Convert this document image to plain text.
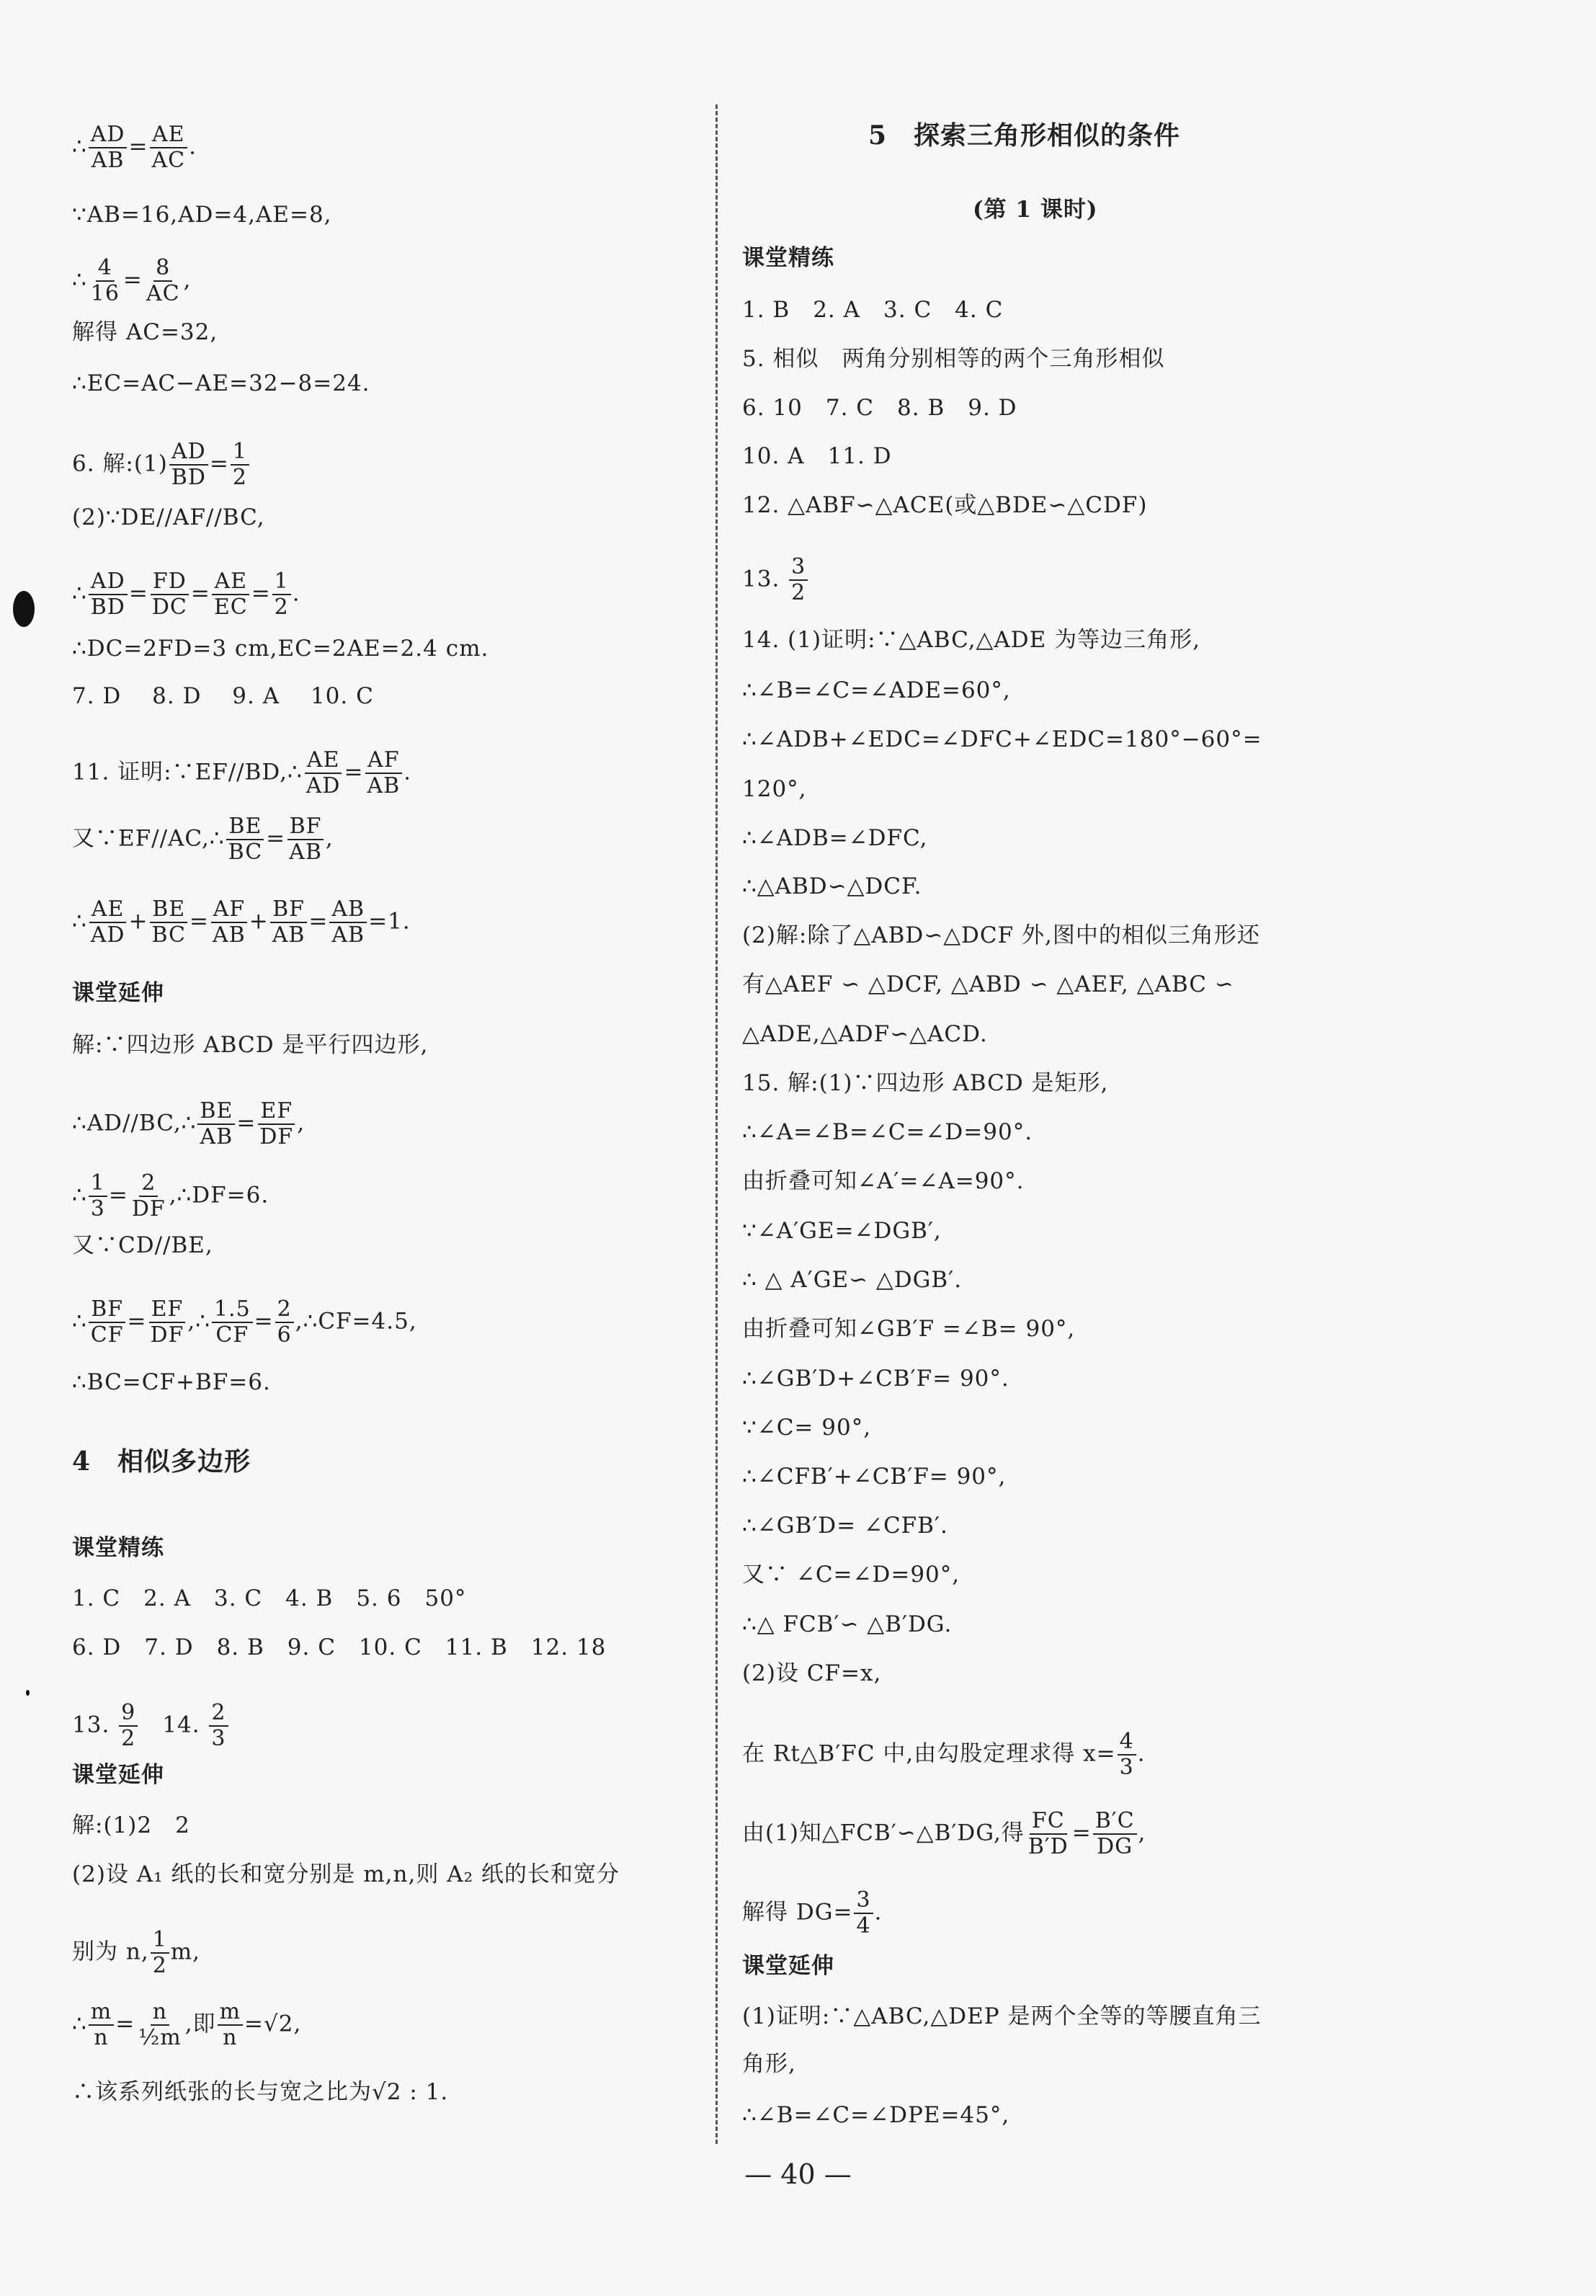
∴ $\frac{AD}{AB} = \frac{AE}{AC}$ .
∵AB=16,AD=4,AE=8,
∴ $\frac{4}{16} = \frac{8}{AC}$ ,
解得 AC=32,
∴EC=AC−AE=32−8=24.
6. 解:(1) $\frac{AD}{BD} = \frac{1}{2}$
(2)∵DE//AF//BC,
∴ $\frac{AD}{BD} = \frac{FD}{DC} = \frac{AE}{EC} = \frac{1}{2}$ .
∴DC=2FD=3 cm,EC=2AE=2.4 cm.
7. D　 8. D　 9. A　 10. C
11. 证明:∵EF//BD,∴ $\frac{AE}{AD} = \frac{AF}{AB}$ .
又∵EF//AC,∴ $\frac{BE}{BC} = \frac{BF}{AB}$ ,
∴ $\frac{AE}{AD} + \frac{BE}{BC} = \frac{AF}{AB} + \frac{BF}{AB} = \frac{AB}{AB} =1$.
课堂延伸
解:∵四边形 ABCD 是平行四边形,
∴AD//BC,∴ $\frac{BE}{AB} = \frac{EF}{DF}$ ,
∴ $\frac{1}{3} = \frac{2}{DF}$ ,∴DF=6.
又∵CD//BE,
∴ $\frac{BF}{CF} = \frac{EF}{DF}$ ,∴ $\frac{1.5}{CF} = \frac{2}{6}$ ,∴CF=4.5,
∴BC=CF+BF=6.
4　相似多边形
课堂精练
1. C　2. A　3. C　4. B　5. 6　50°
6. D　7. D　8. B　9. C　10. C　11. B　12. 18
13. $\frac{9}{2}$ 　14. $\frac{2}{3}$
课堂延伸
解:(1)2　2
(2)设 A₁ 纸的长和宽分别是 m,n,则 A₂ 纸的长和宽分
别为 n, $\frac{1}{2} m$,
∴ $\frac{m}{n} = \frac{n}{\text{½m}}$ ,即 $\frac{m}{n} =√2$,
∴该系列纸张的长与宽之比为√2 : 1.
5　探索三角形相似的条件
(第 1 课时)
课堂精练
1. B　2. A　3. C　4. C
5. 相似　两角分别相等的两个三角形相似
6. 10　7. C　8. B　9. D
10. A　11. D
12. △ABF∽△ACE(或△BDE∽△CDF)
13. $\frac{3}{2}$
14. (1)证明:∵△ABC,△ADE 为等边三角形,
∴∠B=∠C=∠ADE=60°,
∴∠ADB+∠EDC=∠DFC+∠EDC=180°−60°=
120°,
∴∠ADB=∠DFC,
∴△ABD∽△DCF.
(2)解:除了△ABD∽△DCF 外,图中的相似三角形还
有△AEF ∽ △DCF, △ABD ∽ △AEF, △ABC ∽
△ADE,△ADF∽△ACD.
15. 解:(1)∵四边形 ABCD 是矩形,
∴∠A=∠B=∠C=∠D=90°.
由折叠可知∠A′=∠A=90°.
∵∠A′GE=∠DGB′,
∴ △ A′GE∽ △DGB′.
由折叠可知∠GB′F =∠B= 90°,
∴∠GB′D+∠CB′F= 90°.
∵∠C= 90°,
∴∠CFB′+∠CB′F= 90°,
∴∠GB′D= ∠CFB′.
又∵ ∠C=∠D=90°,
∴△ FCB′∽ △B′DG.
(2)设 CF=x,
在 Rt△B′FC 中,由勾股定理求得 $x= \frac{4}{3}$ .
由(1)知△FCB′∽△B′DG,得 $\frac{FC}{B'D} = \frac{B'C}{DG}$ ,
解得 $DG= \frac{3}{4}$ .
课堂延伸
(1)证明:∵△ABC,△DEP 是两个全等的等腰直角三
角形,
∴∠B=∠C=∠DPE=45°,
— 40 —
